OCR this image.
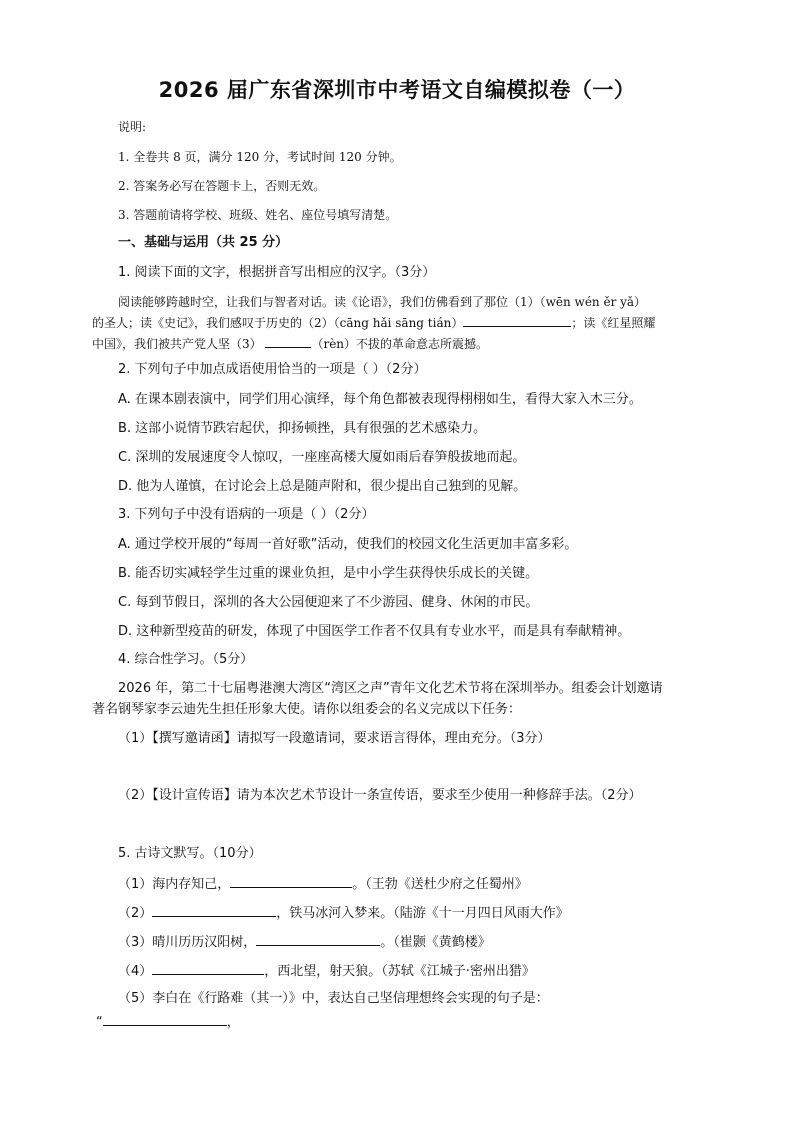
2026 届广东省深圳市中考语文自编模拟卷（一）
说明:
1. 全卷共 8 页，满分 120 分，考试时间 120 分钟。
2. 答案务必写在答题卡上，否则无效。
3. 答题前请将学校、班级、姓名、座位号填写清楚。
一、基础与运用（共 25 分）
1. 阅读下面的文字，根据拼音写出相应的汉字。（3分）
阅读能够跨越时空，让我们与智者对话。读《论语》，我们仿佛看到了那位（1）（wēn wén ěr yǎ）
的圣人；读《史记》，我们感叹于历史的（2）（cāng hǎi sāng tián）	；读《红星照耀
中国》，我们被共产党人坚（3）	（rèn）不拔的革命意志所震撼。
2. 下列句子中加点成语使用恰当的一项是（ ）（2分）
A. 在课本剧表演中，同学们用心演绎，每个角色都被表现得栩栩如生，看得大家入木三分。
B. 这部小说情节跌宕起伏，抑扬顿挫，具有很强的艺术感染力。
C. 深圳的发展速度令人惊叹，一座座高楼大厦如雨后春笋般拔地而起。
D. 他为人谨慎，在讨论会上总是随声附和，很少提出自己独到的见解。
3. 下列句子中没有语病的一项是（ ）（2分）
A. 通过学校开展的“每周一首好歌”活动，使我们的校园文化生活更加丰富多彩。
B. 能否切实减轻学生过重的课业负担，是中小学生获得快乐成长的关键。
C. 每到节假日，深圳的各大公园便迎来了不少游园、健身、休闲的市民。
D. 这种新型疫苗的研发，体现了中国医学工作者不仅具有专业水平，而是具有奉献精神。
4. 综合性学习。（5分）
2026 年，第二十七届粤港澳大湾区“湾区之声”青年文化艺术节将在深圳举办。组委会计划邀请
著名钢琴家李云迪先生担任形象大使。请你以组委会的名义完成以下任务：
（1）【撰写邀请函】请拟写一段邀请词，要求语言得体，理由充分。（3分）
（2）【设计宣传语】请为本次艺术节设计一条宣传语，要求至少使用一种修辞手法。（2分）
5. 古诗文默写。（10分）
（1）海内存知己，	。（王勃《送杜少府之任蜀州》
（2）	，铁马冰河入梦来。（陆游《十一月四日风雨大作》
（3）晴川历历汉阳树，	。（崔颢《黄鹤楼》
（4）	，西北望，射天狼。（苏轼《江城子·密州出猎》
（5）李白在《行路难（其一）》中，表达自己坚信理想终会实现的句子是：
“	，
